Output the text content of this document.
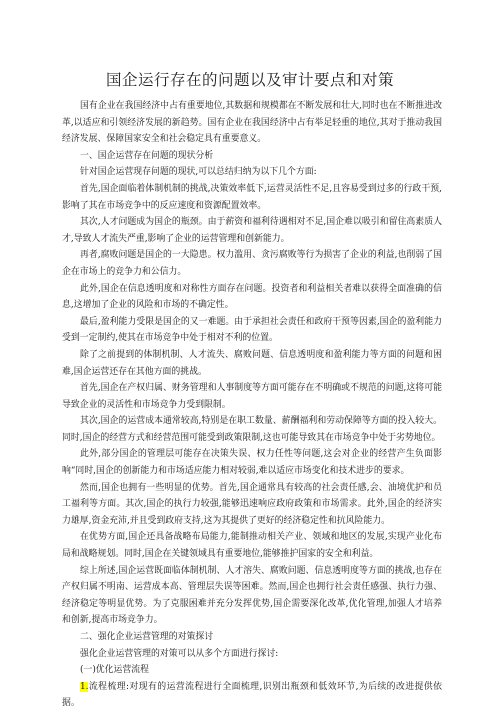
国企运行存在的问题以及审计要点和对策

国有企业在我国经济中占有重要地位,其数据和规模都在不断发展和壮大,同时也在不断推进改革,以适应和引领经济发展的新趋势。国有企业在我国经济中占有举足轻重的地位,其对于推动我国经济发展、保障国家安全和社会稳定具有重要意义。

一、国企运营存在问题的现状分析

针对国企运营现存问题的现状,可以总结归纳为以下几个方面:

首先,国企面临着体制机制的挑战,决策效率低下,运营灵活性不足,且容易受到过多的行政干预,影响了其在市场竞争中的反应速度和资源配置效率。

其次,人才问题成为国企的瓶颈。由于薪资和福利待遇相对不足,国企难以吸引和留住高素质人才,导致人才流失严重,影响了企业的运营管理和创新能力。

再者,腐败问题是国企的一大隐患。权力滥用、贪污腐败等行为损害了企业的利益,也削弱了国企在市场上的竞争力和公信力。

此外,国企在信息透明度和对称性方面存在问题。投资者和利益相关者难以获得全面准确的信息,这增加了企业的风险和市场的不确定性。

最后,盈利能力受限是国企的又一难题。由于承担社会责任和政府干预等因素,国企的盈利能力受到一定制约,使其在市场竞争中处于相对不利的位置。

除了之前提到的体制机制、人才流失、腐败问题、信息透明度和盈利能力等方面的问题和困难,国企运营还存在其他方面的挑战。

首先,国企在产权归属、财务管理和人事制度等方面可能存在不明确或不规范的问题,这将可能导致企业的灵活性和市场竞争力受到限制。

其次,国企的运营成本通常较高,特别是在职工数量、薪酬福利和劳动保障等方面的投入较大。同时,国企的经营方式和经营范围可能受到政策限制,这也可能导致其在市场竞争中处于劣势地位。

此外,部分国企的管理层可能存在决策失误、权力任性等问题,这会对企业的经营产生负面影响“同时,国企的创新能力和市场适应能力相对较弱,难以适应市场变化和技术进步的要求。

然而,国企也拥有一些明显的优势。首先,国企通常具有较高的社会责任感,会、油境优护和员工福利等方面。其次,国企的执行力较强,能够迅速响应政府政策和市场需求。此外,国企的经济实力雄厚,资金充沛,并且受到政府支持,这为其提供了更好的经济稳定性和抗风险能力。

在优势方面,国企还具备战略布局能力,能制推动相关产业、领域和地区的发展,实现产业化布局和战略规划。同时,国企在关键领域具有重要地位,能够推护国家的安全和利益。

综上所述,国企运营既面临体制机制、人才溶失、腐败问题、信息透明度等方面的挑战,也存在产权归属不明南、运营成本高、管理层失误等困难。然而,国企也拥行社会责任感强、执行力强、经济稳定等明显优势。为了克服困难并充分发挥优势,国企需要深化改革,优化管理,加强人才培养和创新,提高市场竞争力。

二、强化企业运营管理的对策探讨

强化企业运营管理的对策可以从多个方面进行探讨:

(一)优化运营流程

1.流程梳理:对现有的运营流程进行全面梳理,识别出瓶颈和低效环节,为后续的改进提供依据。
